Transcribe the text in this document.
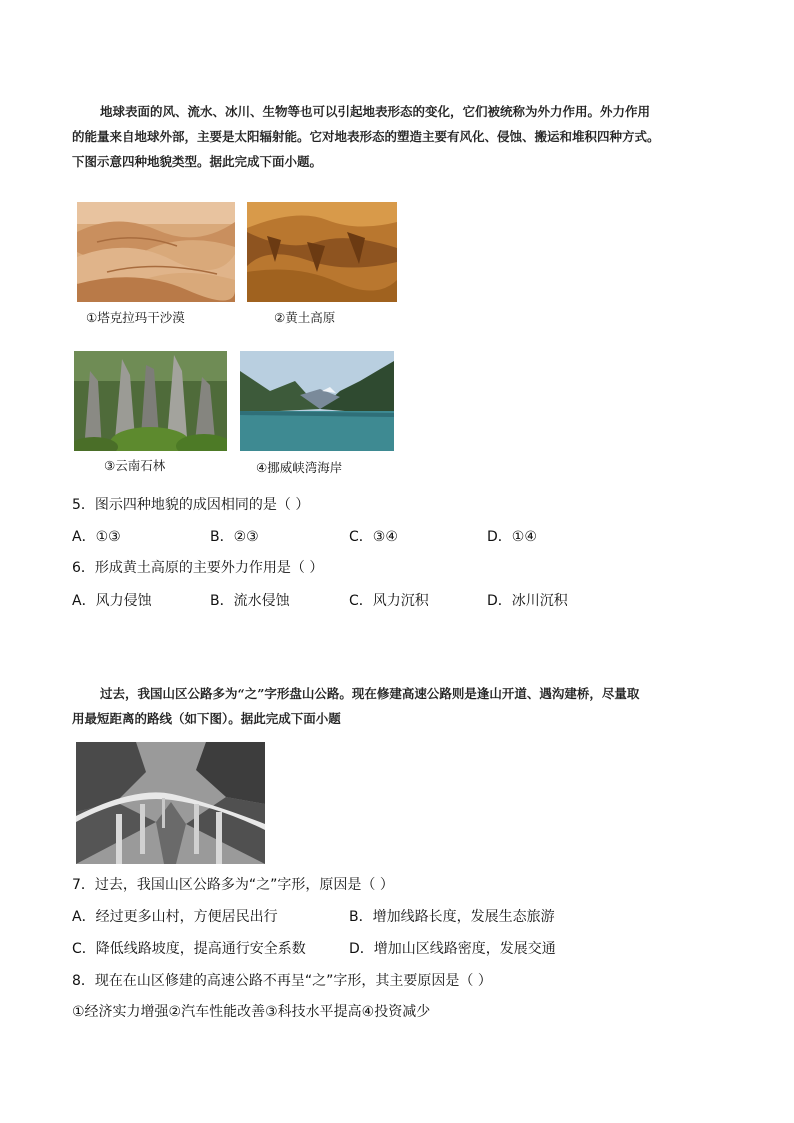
地球表面的风、流水、冰川、生物等也可以引起地表形态的变化，它们被统称为外力作用。外力作用
的能量来自地球外部，主要是太阳辐射能。它对地表形态的塑造主要有风化、侵蚀、搬运和堆积四种方式。
下图示意四种地貌类型。据此完成下面小题。
①塔克拉玛干沙漠	②黄土高原
③云南石林	④挪威峡湾海岸
5．图示四种地貌的成因相同的是（ ）
A．①③	B．②③	C．③④	D．①④
6．形成黄土高原的主要外力作用是（ ）
A．风力侵蚀	B．流水侵蚀	C．风力沉积	D．冰川沉积
过去，我国山区公路多为“之”字形盘山公路。现在修建高速公路则是逢山开道、遇沟建桥，尽量取
用最短距离的路线（如下图）。据此完成下面小题
7．过去，我国山区公路多为“之”字形，原因是（ ）
A．经过更多山村，方便居民出行	B．增加线路长度，发展生态旅游
C．降低线路坡度，提高通行安全系数	D．增加山区线路密度，发展交通
8．现在在山区修建的高速公路不再呈“之”字形，其主要原因是（ ）
①经济实力增强②汽车性能改善③科技水平提高④投资减少
